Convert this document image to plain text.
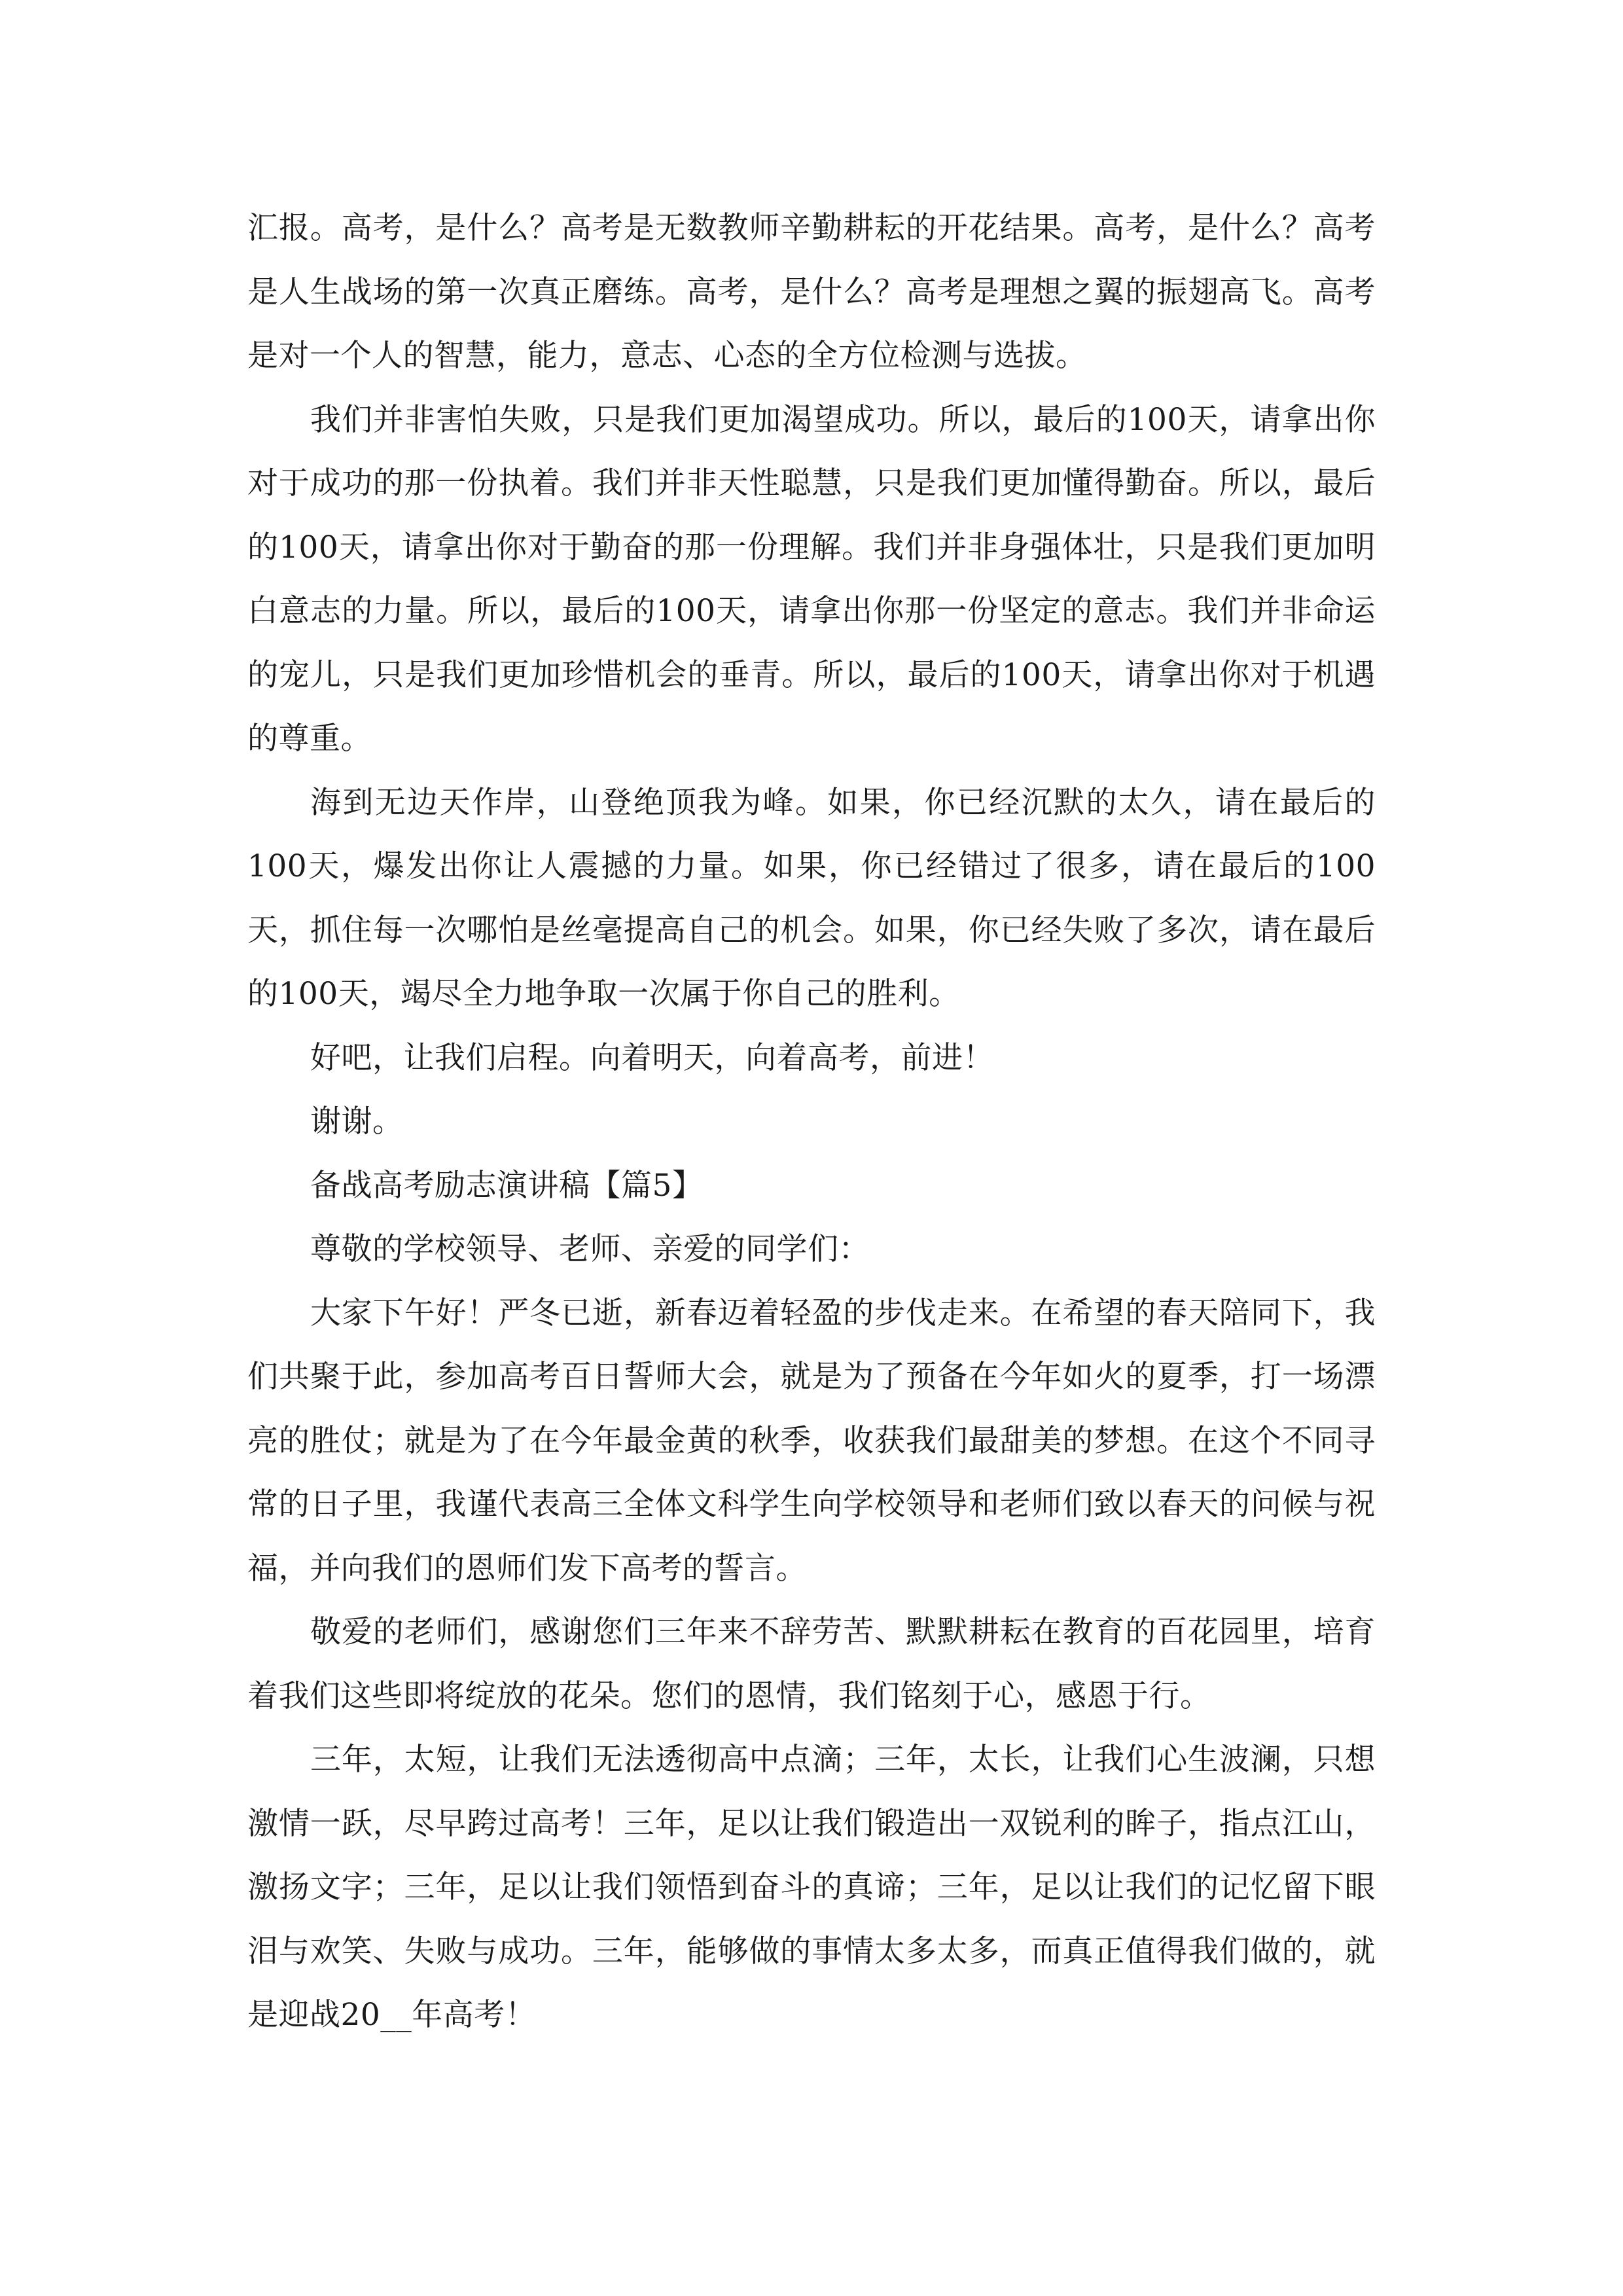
汇报。高考，是什么？高考是无数教师辛勤耕耘的开花结果。高考，是什么？高考是人生战场的第一次真正磨练。高考，是什么？高考是理想之翼的振翅高飞。高考是对一个人的智慧，能力，意志、心态的全方位检测与选拔。

我们并非害怕失败，只是我们更加渴望成功。所以，最后的100天，请拿出你对于成功的那一份执着。我们并非天性聪慧，只是我们更加懂得勤奋。所以，最后的100天，请拿出你对于勤奋的那一份理解。我们并非身强体壮，只是我们更加明白意志的力量。所以，最后的100天，请拿出你那一份坚定的意志。我们并非命运的宠儿，只是我们更加珍惜机会的垂青。所以，最后的100天，请拿出你对于机遇的尊重。

海到无边天作岸，山登绝顶我为峰。如果，你已经沉默的太久，请在最后的100天，爆发出你让人震撼的力量。如果，你已经错过了很多，请在最后的100天，抓住每一次哪怕是丝毫提高自己的机会。如果，你已经失败了多次，请在最后的100天，竭尽全力地争取一次属于你自己的胜利。

好吧，让我们启程。向着明天，向着高考，前进！

谢谢。

备战高考励志演讲稿【篇5】

尊敬的学校领导、老师、亲爱的同学们：

大家下午好！严冬已逝，新春迈着轻盈的步伐走来。在希望的春天陪同下，我们共聚于此，参加高考百日誓师大会，就是为了预备在今年如火的夏季，打一场漂亮的胜仗；就是为了在今年最金黄的秋季，收获我们最甜美的梦想。在这个不同寻常的日子里，我谨代表高三全体文科学生向学校领导和老师们致以春天的问候与祝福，并向我们的恩师们发下高考的誓言。

敬爱的老师们，感谢您们三年来不辞劳苦、默默耕耘在教育的百花园里，培育着我们这些即将绽放的花朵。您们的恩情，我们铭刻于心，感恩于行。

三年，太短，让我们无法透彻高中点滴；三年，太长，让我们心生波澜，只想激情一跃，尽早跨过高考！三年，足以让我们锻造出一双锐利的眸子，指点江山，激扬文字；三年，足以让我们领悟到奋斗的真谛；三年，足以让我们的记忆留下眼泪与欢笑、失败与成功。三年，能够做的事情太多太多，而真正值得我们做的，就是迎战20__年高考！
